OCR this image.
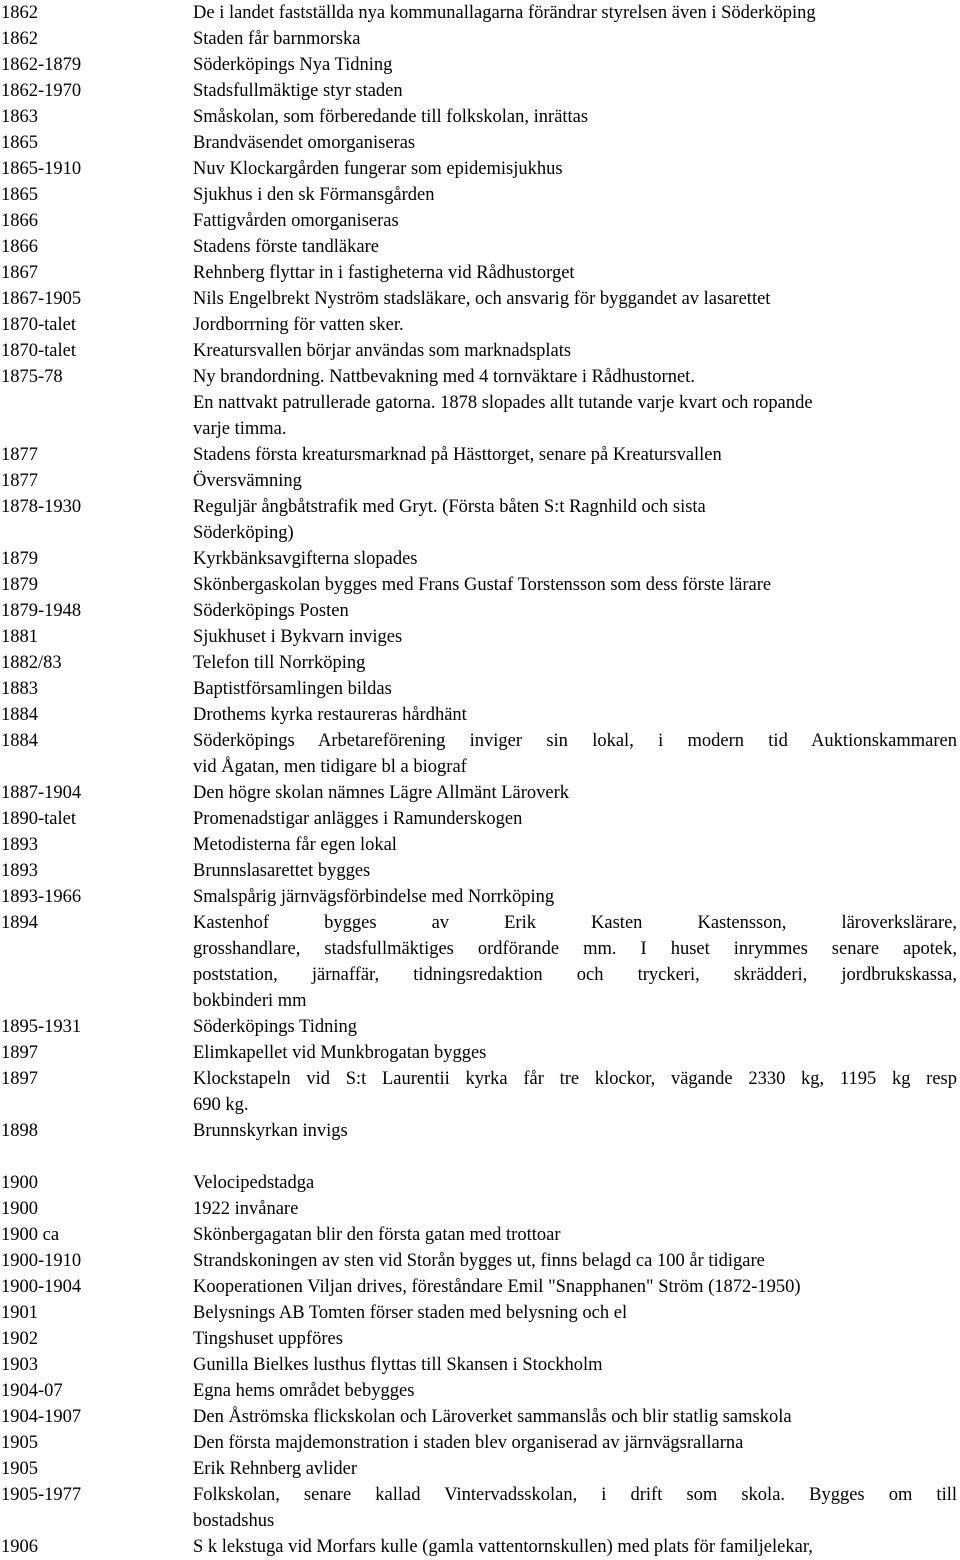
1862	De i landet fastställda nya kommunallagarna förändrar styrelsen även i Söderköping
1862	Staden får barnmorska
1862-1879	Söderköpings Nya Tidning
1862-1970	Stadsfullmäktige styr staden
1863	Småskolan, som förberedande till folkskolan, inrättas
1865	Brandväsendet omorganiseras
1865-1910	Nuv Klockargården fungerar som epidemisjukhus
1865	Sjukhus i den sk Förmansgården
1866	Fattigvården omorganiseras
1866	Stadens förste tandläkare
1867	Rehnberg flyttar in i fastigheterna vid Rådhustorget
1867-1905	Nils Engelbrekt Nyström stadsläkare, och ansvarig för byggandet av lasarettet
1870-talet	Jordborrning för vatten sker.
1870-talet	Kreatursvallen börjar användas som marknadsplats
1875-78	Ny brandordning. Nattbevakning med 4 tornväktare i Rådhustornet.
En nattvakt patrullerade gatorna. 1878 slopades allt tutande varje kvart och ropande
varje timma.
1877	Stadens första kreatursmarknad på Hästtorget, senare på Kreatursvallen
1877	Översvämning
1878-1930	Reguljär ångbåtstrafik med Gryt. (Första båten S:t Ragnhild och sista
Söderköping)
1879	Kyrkbänksavgifterna slopades
1879	Skönbergaskolan bygges med Frans Gustaf Torstensson som dess förste lärare
1879-1948	Söderköpings Posten
1881	Sjukhuset i Bykvarn inviges
1882/83	Telefon till Norrköping
1883	Baptistförsamlingen bildas
1884	Drothems kyrka restaureras hårdhänt
1884	Söderköpings Arbetareförening inviger sin lokal, i modern tid Auktionskammaren
vid Ågatan, men tidigare bl a biograf
1887-1904	Den högre skolan nämnes Lägre Allmänt Läroverk
1890-talet	Promenadstigar anlägges i Ramunderskogen
1893	Metodisterna får egen lokal
1893	Brunnslasarettet bygges
1893-1966	Smalspårig järnvägsförbindelse med Norrköping
1894	Kastenhof bygges av Erik Kasten Kastensson, läroverkslärare,
grosshandlare, stadsfullmäktiges ordförande mm. I huset inrymmes senare apotek,
poststation, järnaffär, tidningsredaktion och tryckeri, skrädderi, jordbrukskassa,
bokbinderi mm
1895-1931	Söderköpings Tidning
1897	Elimkapellet vid Munkbrogatan bygges
1897	Klockstapeln vid S:t Laurentii kyrka får tre klockor, vägande 2330 kg, 1195 kg resp
690 kg.
1898	Brunnskyrkan invigs
1900	Velocipedstadga
1900	1922 invånare
1900 ca	Skönbergagatan blir den första gatan med trottoar
1900-1910	Strandskoningen av sten vid Storån bygges ut, finns belagd ca 100 år tidigare
1900-1904	Kooperationen Viljan drives, föreståndare Emil "Snapphanen" Ström (1872-1950)
1901	Belysnings AB Tomten förser staden med belysning och el
1902	Tingshuset uppföres
1903	Gunilla Bielkes lusthus flyttas till Skansen i Stockholm
1904-07	Egna hems området bebygges
1904-1907	Den Åströmska flickskolan och Läroverket sammanslås och blir statlig samskola
1905	Den första majdemonstration i staden blev organiserad av järnvägsrallarna
1905	Erik Rehnberg avlider
1905-1977	Folkskolan, senare kallad Vintervadsskolan, i drift som skola. Bygges om till
bostadshus
1906	S k lekstuga vid Morfars kulle (gamla vattentornskullen) med plats för familjelekar,
